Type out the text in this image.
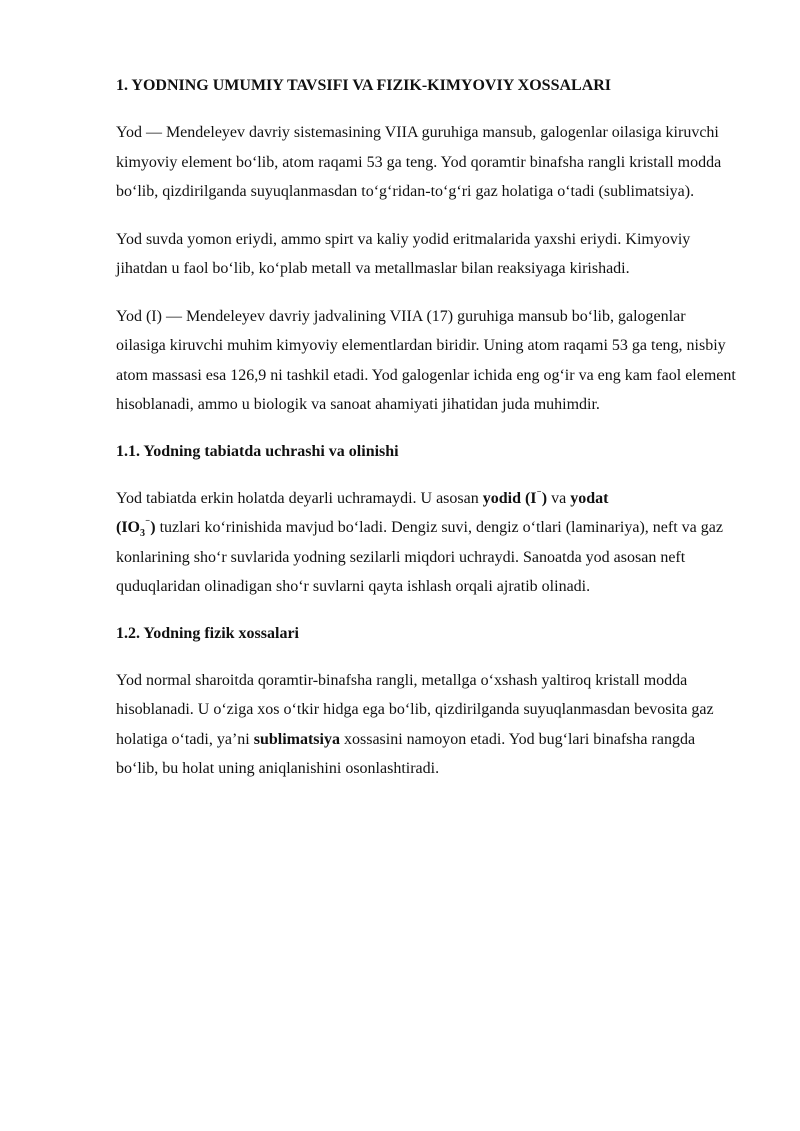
1. YODNING UMUMIY TAVSIFI VA FIZIK-KIMYOVIY XOSSALARI

Yod — Mendeleyev davriy sistemasining VIIA guruhiga mansub, galogenlar oilasiga kiruvchi kimyoviy element bo‘lib, atom raqami 53 ga teng. Yod qoramtir binafsha rangli kristall modda bo‘lib, qizdirilganda suyuqlanmasdan to‘g‘ridan-to‘g‘ri gaz holatiga o‘tadi (sublimatsiya).

Yod suvda yomon eriydi, ammo spirt va kaliy yodid eritmalarida yaxshi eriydi. Kimyoviy jihatdan u faol bo‘lib, ko‘plab metall va metallmaslar bilan reaksiyaga kirishadi.

Yod (I) — Mendeleyev davriy jadvalining VIIA (17) guruhiga mansub bo‘lib, galogenlar oilasiga kiruvchi muhim kimyoviy elementlardan biridir. Uning atom raqami 53 ga teng, nisbiy atom massasi esa 126,9 ni tashkil etadi. Yod galogenlar ichida eng og‘ir va eng kam faol element hisoblanadi, ammo u biologik va sanoat ahamiyati jihatidan juda muhimdir.

1.1. Yodning tabiatda uchrashi va olinishi

Yod tabiatda erkin holatda deyarli uchramaydi. U asosan yodid (I⁻) va yodat
$(IO_3^{^-})$ tuzlari ko‘rinishida mavjud bo‘ladi. Dengiz suvi, dengiz o‘tlari (laminariya), neft va gaz konlarining sho‘r suvlarida yodning sezilarli miqdori uchraydi. Sanoatda yod asosan neft quduqlaridan olinadigan sho‘r suvlarni qayta ishlash orqali ajratib olinadi.

1.2. Yodning fizik xossalari

Yod normal sharoitda qoramtir-binafsha rangli, metallga o‘xshash yaltiroq kristall modda hisoblanadi. U o‘ziga xos o‘tkir hidga ega bo‘lib, qizdirilganda suyuqlanmasdan bevosita gaz holatiga o‘tadi, ya’ni sublimatsiya xossasini namoyon etadi. Yod bug‘lari binafsha rangda bo‘lib, bu holat uning aniqlanishini osonlashtiradi.
